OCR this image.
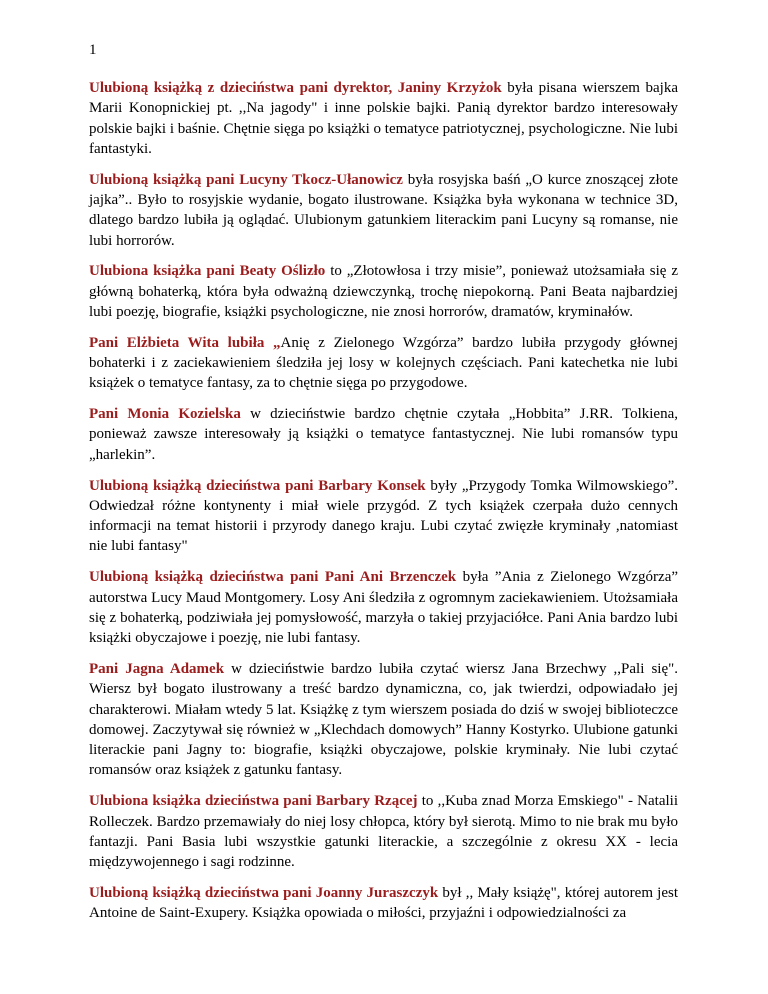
1

Ulubioną książką z dzieciństwa pani dyrektor, Janiny Krzyżok była pisana wierszem bajka Marii Konopnickiej pt. ,,Na jagody" i inne polskie bajki. Panią dyrektor bardzo interesowały polskie bajki i baśnie. Chętnie sięga po książki o tematyce patriotycznej, psychologiczne. Nie lubi fantastyki.

Ulubioną książką pani Lucyny Tkocz-Ułanowicz była rosyjska baśń „O kurce znoszącej złote jajka”.. Było to rosyjskie wydanie, bogato ilustrowane. Książka była wykonana w technice 3D, dlatego bardzo lubiła ją oglądać. Ulubionym gatunkiem literackim pani Lucyny są romanse, nie lubi horrorów.

Ulubiona książka pani Beaty Oślizło to „Złotowłosa i trzy misie”, ponieważ utożsamiała się z główną bohaterką, która była odważną dziewczynką, trochę niepokorną. Pani Beata najbardziej lubi poezję, biografie, książki psychologiczne, nie znosi horrorów, dramatów, kryminałów.

Pani Elżbieta Wita lubiła „Anię z Zielonego Wzgórza” bardzo lubiła przygody głównej bohaterki i z zaciekawieniem śledziła jej losy w kolejnych częściach. Pani katechetka nie lubi książek o tematyce fantasy, za to chętnie sięga po przygodowe.

Pani Monia Kozielska w dzieciństwie bardzo chętnie czytała „Hobbita” J.RR. Tolkiena, ponieważ zawsze interesowały ją książki o tematyce fantastycznej. Nie lubi romansów typu „harlekin”.

Ulubioną książką dzieciństwa pani Barbary Konsek były „Przygody Tomka Wilmowskiego”. Odwiedzał różne kontynenty i miał wiele przygód. Z tych książek czerpała dużo cennych informacji na temat historii i przyrody danego kraju. Lubi czytać zwięzłe kryminały ,natomiast nie lubi fantasy"

Ulubioną książką dzieciństwa pani Pani Ani Brzenczek była ”Ania z Zielonego Wzgórza” autorstwa Lucy Maud Montgomery. Losy Ani śledziła z ogromnym zaciekawieniem. Utożsamiała się z bohaterką, podziwiała jej pomysłowość, marzyła o takiej przyjaciółce. Pani Ania bardzo lubi książki obyczajowe i poezję, nie lubi fantasy.

Pani Jagna Adamek w dzieciństwie bardzo lubiła czytać wiersz Jana Brzechwy ,,Pali się". Wiersz był bogato ilustrowany a treść bardzo dynamiczna, co, jak twierdzi, odpowiadało jej charakterowi. Miałam wtedy 5 lat. Książkę z tym wierszem posiada do dziś w swojej biblioteczce domowej. Zaczytywał się również w „Klechdach domowych” Hanny Kostyrko. Ulubione gatunki literackie pani Jagny to: biografie, książki obyczajowe, polskie kryminały. Nie lubi czytać romansów oraz książek z gatunku fantasy.

Ulubiona książka dzieciństwa pani Barbary Rzącej to ,,Kuba znad Morza Emskiego" - Natalii Rolleczek. Bardzo przemawiały do niej losy chłopca, który był sierotą. Mimo to nie brak mu było fantazji. Pani Basia lubi wszystkie gatunki literackie, a szczególnie z okresu XX - lecia międzywojennego i sagi rodzinne.

Ulubioną książką dzieciństwa pani Joanny Juraszczyk był ,, Mały książę", której autorem jest Antoine de Saint-Exupery. Książka opowiada o miłości, przyjaźni i odpowiedzialności za
